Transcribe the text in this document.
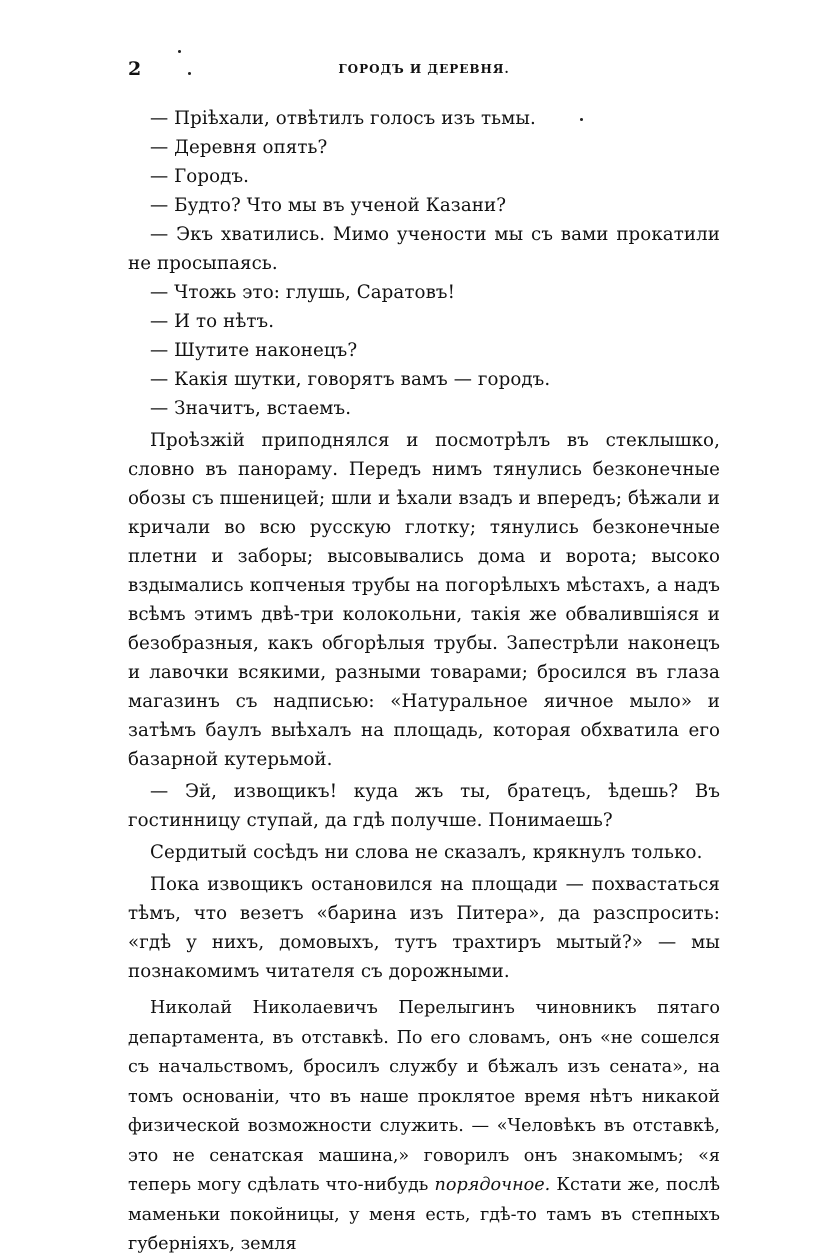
2	ГОРОДЪ И ДЕРЕВНЯ.

— Пріѣхали, отвѣтилъ голосъ изъ тьмы.

— Деревня опять?

— Городъ.

— Будто? Что мы въ ученой Казани?

— Экъ хватились. Мимо учености мы съ вами прокатили не просыпаясь.

— Чтожь это: глушь, Саратовъ!

— И то нѣтъ.

— Шутите наконецъ?

— Какія шутки, говорятъ вамъ — городъ.

— Значитъ, встаемъ.

Проѣзжій приподнялся и посмотрѣлъ въ стеклышко, словно въ панораму. Передъ нимъ тянулись безконечные обозы съ пшеницей; шли и ѣхали взадъ и впередъ; бѣжали и кричали во всю русскую глотку; тянулись безконечные плетни и заборы; высовывались дома и ворота; высоко вздымались копченыя трубы на погорѣлыхъ мѣстахъ, а надъ всѣмъ этимъ двѣ-три колокольни, такія же обвалившіяся и безобразныя, какъ обгорѣлыя трубы. Запестрѣли наконецъ и лавочки всякими, разными товарами; бросился въ глаза магазинъ съ надписью: «Натуральное яичное мыло» и затѣмъ баулъ выѣхалъ на площадь, которая обхватила его базарной кутерьмой.

— Эй, извощикъ! куда жъ ты, братецъ, ѣдешь? Въ гостинницу ступай, да гдѣ получше. Понимаешь?

Сердитый сосѣдъ ни слова не сказалъ, крякнулъ только.

Пока извощикъ остановился на площади — похвастаться тѣмъ, что везетъ «барина изъ Питера», да разспросить: «гдѣ у нихъ, домовыхъ, тутъ трахтиръ мытый?» — мы познакомимъ читателя съ дорожными.

Николай Николаевичъ Перелыгинъ чиновникъ пятаго департамента, въ отставкѣ. По его словамъ, онъ «не сошелся съ начальствомъ, бросилъ службу и бѣжалъ изъ сената», на томъ основаніи, что въ наше проклятое время нѣтъ никакой физической возможности служить. — «Человѣкъ въ отставкѣ, это не сенатская машина,» говорилъ онъ знакомымъ; «я теперь могу сдѣлать что-нибудь порядочное. Кстати же, послѣ маменьки покойницы, у меня есть, гдѣ-то тамъ въ степныхъ губерніяхъ, земля
